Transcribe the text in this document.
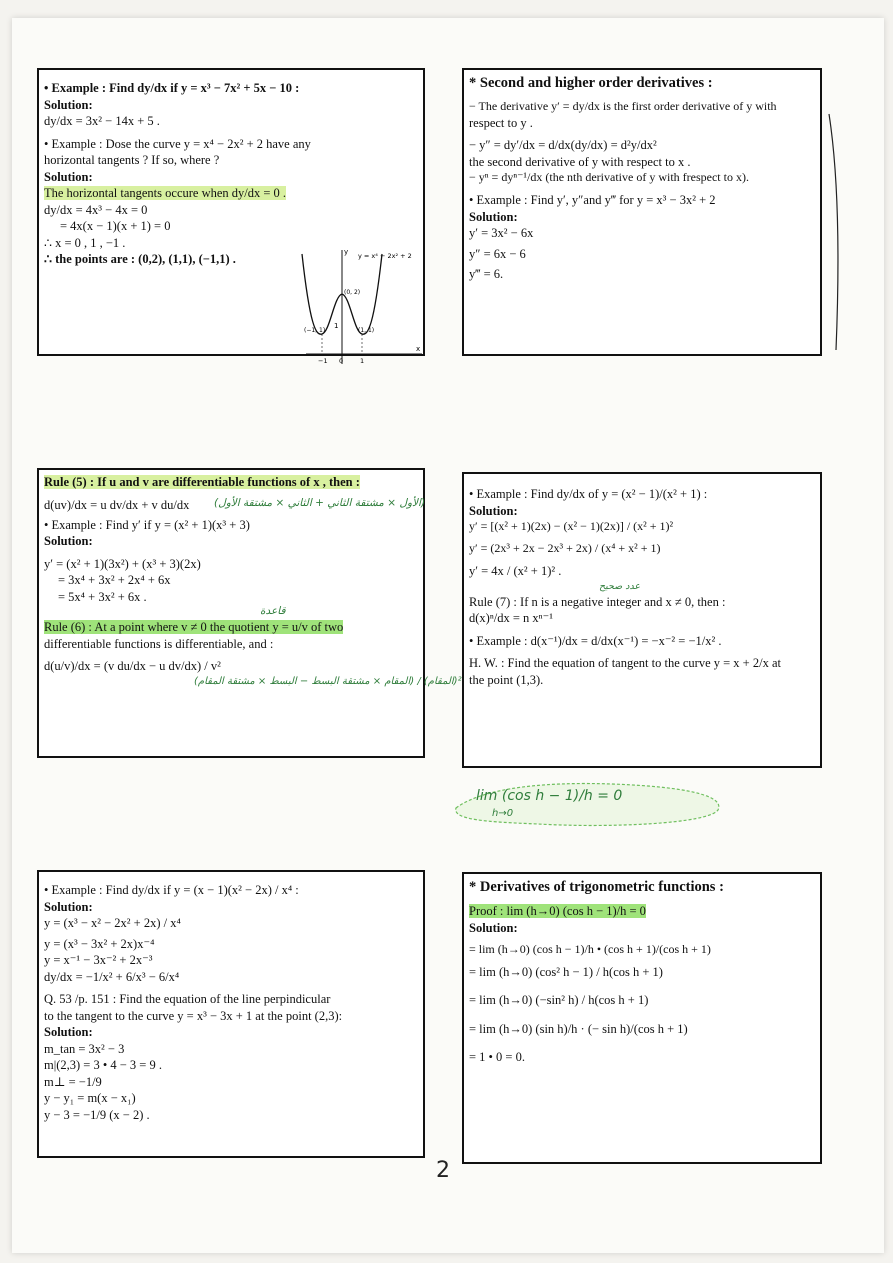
• Example : Find dy/dx if y = x³ − 7x² + 5x − 10 :
Solution:
dy/dx = 3x² − 14x + 5 .
• Example : Dose the curve y = x⁴ − 2x² + 2 have any
horizontal tangents ? If so, where ?
Solution:
The horizontal tangents occure when dy/dx = 0 .
dy/dx = 4x³ − 4x = 0
= 4x(x − 1)(x + 1) = 0
∴ x = 0 , 1 , −1 .
∴ the points are : (0,2), (1,1), (−1,1) .	y = x⁴ − 2x² + 2
y
x
(0, 2)
(−1, 1)	(1, 1)
1
−1 0	1
* Second and higher order derivatives :
− The derivative y′ = dy/dx is the first order derivative of y with
respect to y .
− y″ = dy′/dx = d/dx(dy/dx) = d²y/dx²
the second derivative of y with respect to x .
− yⁿ = dyⁿ⁻¹/dx (the nth derivative of y with frespect to x).
• Example : Find y′, y″and y‴ for y = x³ − 3x² + 2
Solution:
y′ = 3x² − 6x
y″ = 6x − 6
y‴ = 6.
Rule (5) : If u and v are differentiable functions of x , then :
d(uv)/dx = u dv/dx + v du/dx	(الأول × مشتقة الثاني + الثاني × مشتقة الأول)
• Example : Find y′ if y = (x² + 1)(x³ + 3)
Solution:
y′ = (x² + 1)(3x²) + (x³ + 3)(2x)
= 3x⁴ + 3x² + 2x⁴ + 6x
= 5x⁴ + 3x² + 6x .
قاعدة
Rule (6) : At a point where v ≠ 0 the quotient y = u/v of two
differentiable functions is differentiable, and :
d(u/v)/dx = (v du/dx − u dv/dx) / v²
(المقام × مشتقة البسط − البسط × مشتقة المقام) / (المقام)²
• Example : Find dy/dx of y = (x² − 1)/(x² + 1) :
Solution:
y′ = [(x² + 1)(2x) − (x² − 1)(2x)] / (x² + 1)²
y′ = (2x³ + 2x − 2x³ + 2x) / (x⁴ + x² + 1)
y′ = 4x / (x² + 1)² .
عدد صحيح
Rule (7) : If n is a negative integer and x ≠ 0, then :
d(x)ⁿ/dx = n xⁿ⁻¹
• Example : d(x⁻¹)/dx = d/dx(x⁻¹) = −x⁻² = −1/x² .
H. W. : Find the equation of tangent to the curve y = x + 2/x at
the point (1,3).
lim (cos h − 1)/h = 0
h→0
• Example : Find dy/dx if y = (x − 1)(x² − 2x) / x⁴ :
Solution:
y = (x³ − x² − 2x² + 2x) / x⁴
y = (x³ − 3x² + 2x)x⁻⁴
y = x⁻¹ − 3x⁻² + 2x⁻³
dy/dx = −1/x² + 6/x³ − 6/x⁴
Q. 53 /p. 151 : Find the equation of the line perpindicular
to the tangent to the curve y = x³ − 3x + 1 at the point (2,3):
Solution:
m_tan = 3x² − 3
m|(2,3) = 3 • 4 − 3 = 9 .
m⊥ = −1/9
y − y₁ = m(x − x₁)
y − 3 = −1/9 (x − 2) .
* Derivatives of trigonometric functions :
Proof : lim (h→0) (cos h − 1)/h = 0
Solution:
= lim (h→0) (cos h − 1)/h • (cos h + 1)/(cos h + 1)
= lim (h→0) (cos² h − 1) / h(cos h + 1)
= lim (h→0) (−sin² h) / h(cos h + 1)
= lim (h→0) (sin h)/h · (− sin h)/(cos h + 1)
= 1 • 0 = 0.
2
